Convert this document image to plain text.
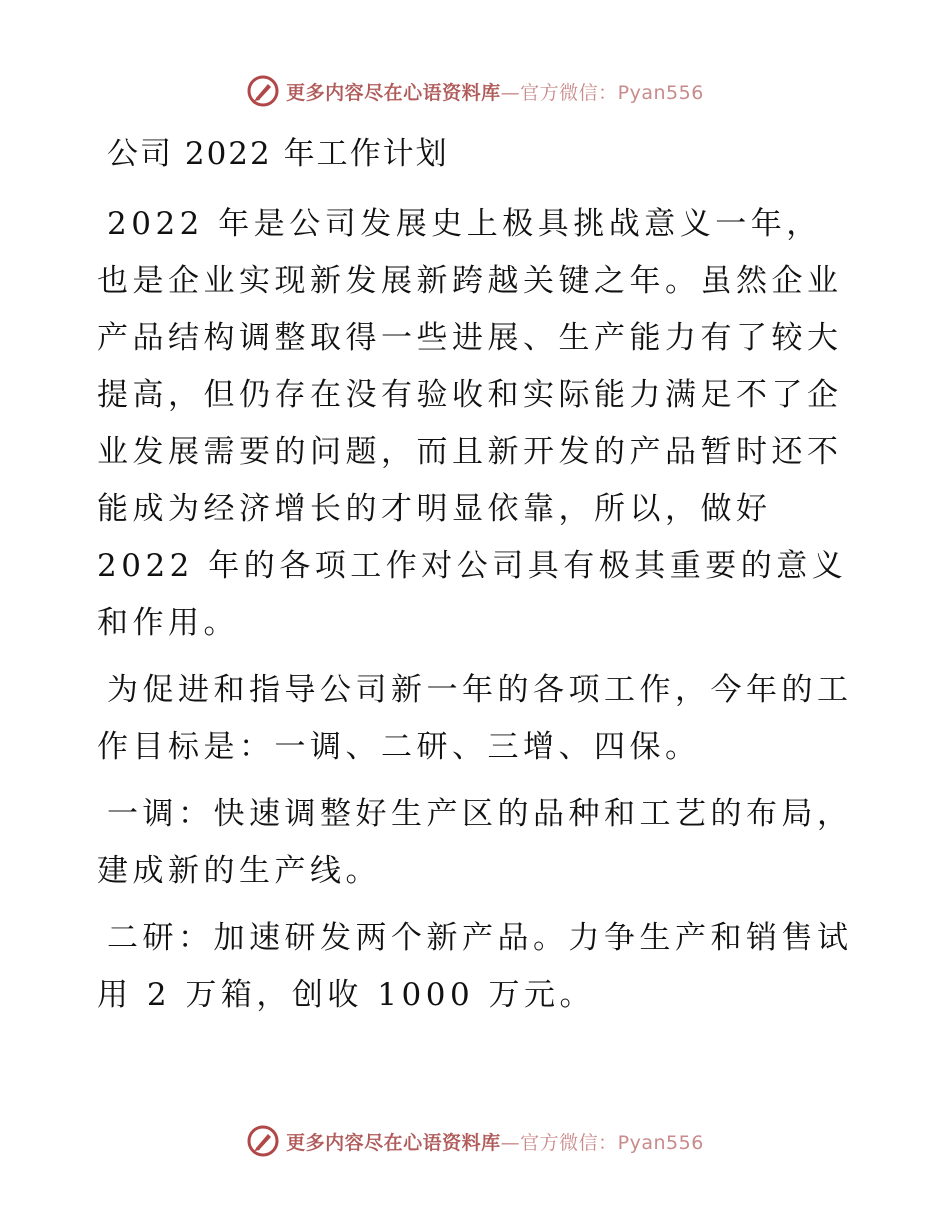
更多内容尽在心语资料库—官方微信：Pyan556
公司 2022 年工作计划

2022 年是公司发展史上极具挑战意义一年，也是企业实现新发展新跨越关键之年。虽然企业产品结构调整取得一些进展、生产能力有了较大提高，但仍存在没有验收和实际能力满足不了企业发展需要的问题，而且新开发的产品暂时还不能成为经济增长的才明显依靠，所以，做好 2022 年的各项工作对公司具有极其重要的意义和作用。

为促进和指导公司新一年的各项工作，今年的工作目标是：一调、二研、三增、四保。

一调：快速调整好生产区的品种和工艺的布局，建成新的生产线。

二研：加速研发两个新产品。力争生产和销售试用 2 万箱，创收 1000 万元。

更多内容尽在心语资料库—官方微信：Pyan556
